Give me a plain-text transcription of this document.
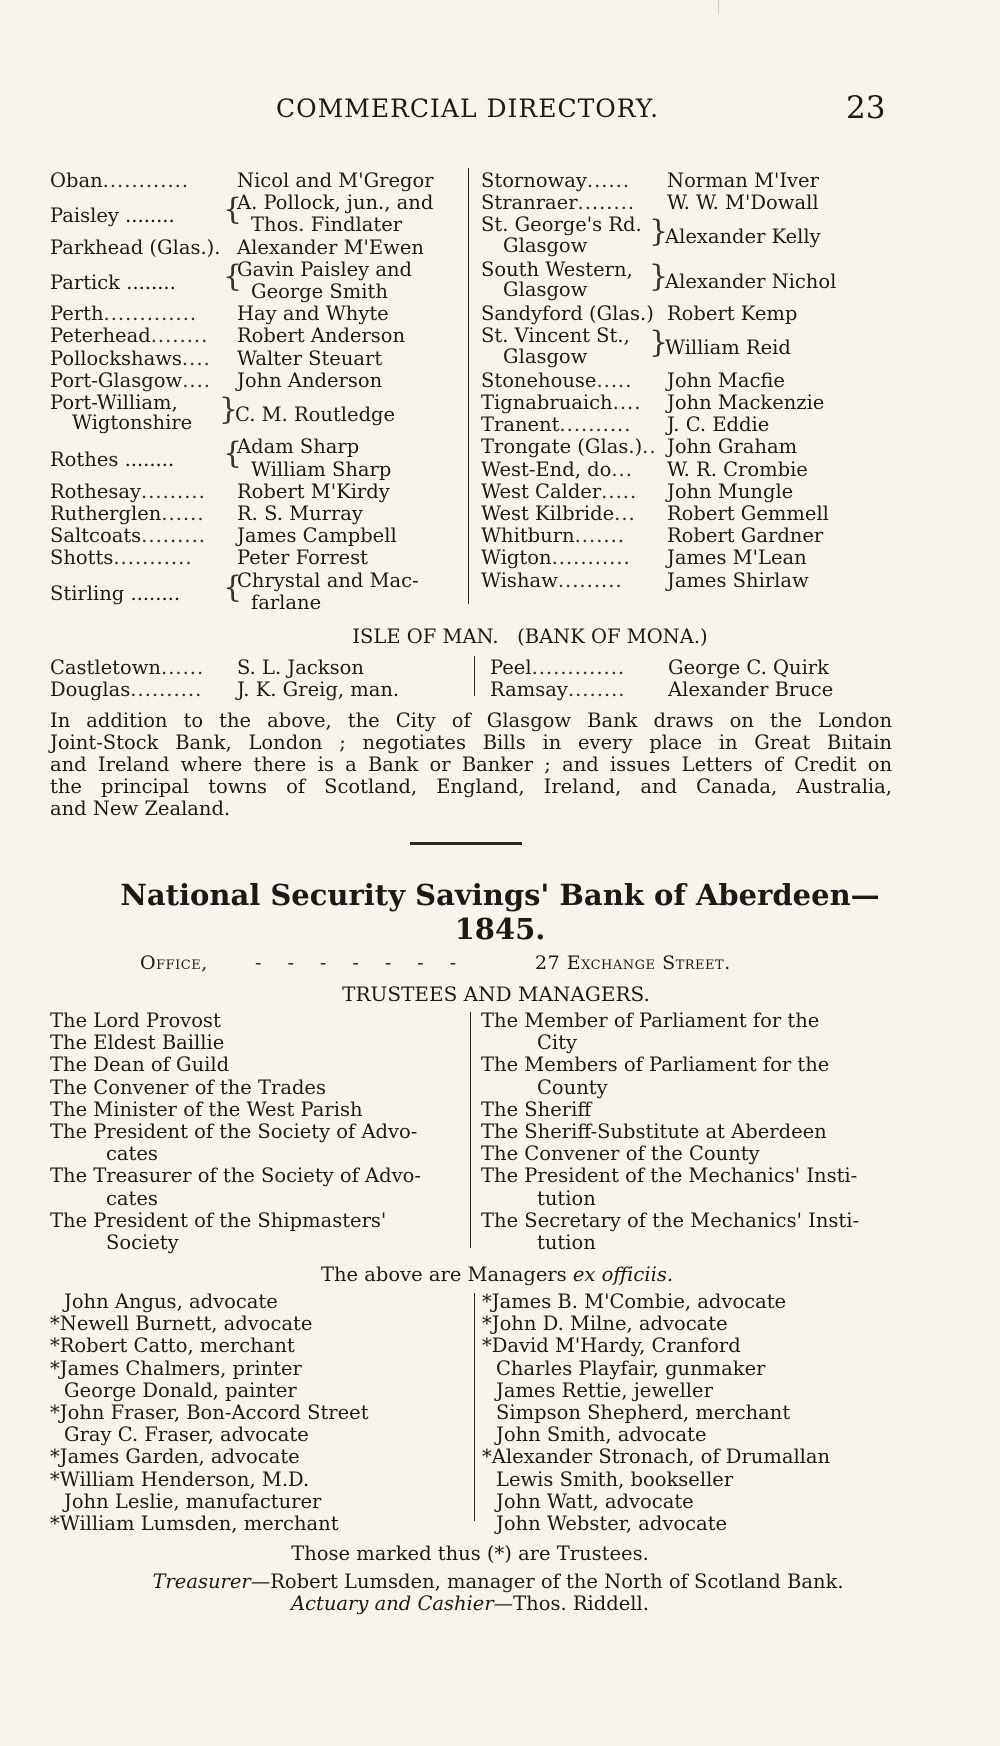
COMMERCIAL DIRECTORY.	23
Oban............ Nicol and M'Gregor
Paisley ........ {
A. Pollock, jun., and
Thos. Findlater
Parkhead (Glas.). Alexander M'Ewen
Partick ........ {
Gavin Paisley and
George Smith
Perth............. Hay and Whyte
Peterhead........ Robert Anderson
Pollockshaws.... Walter Steuart
Port-Glasgow.... John Anderson
Port-William,
Wigtonshire }
C. M. Routledge
Rothes ........ {
Adam Sharp
William Sharp
Rothesay......... Robert M'Kirdy
Rutherglen...... R. S. Murray
Saltcoats......... James Campbell
Shotts........... Peter Forrest
Stirling ........ {
Chrystal and Mac-
farlane
Stornoway...... Norman M'Iver
Stranraer........ W. W. M'Dowall
St. George's Rd.
Glasgow }
Alexander Kelly
South Western,
Glasgow }
Alexander Nichol
Sandyford (Glas.) Robert Kemp
St. Vincent St.,
Glasgow }
William Reid
Stonehouse..... John Macfie
Tignabruaich.... John Mackenzie
Tranent.......... J. C. Eddie
Trongate (Glas.).. John Graham
West-End, do... W. R. Crombie
West Calder..... John Mungle
West Kilbride... Robert Gemmell
Whitburn....... Robert Gardner
Wigton........... James M'Lean
Wishaw......... James Shirlaw
ISLE OF MAN.   (BANK OF MONA.)
Castletown...... S. L. Jackson
Douglas.......... J. K. Greig, man.
Peel............. George C. Quirk
Ramsay........ Alexander Bruce
In addition to the above, the City of Glasgow Bank draws on the London
Joint-Stock Bank, London ; negotiates Bills in every place in Great Bıitain
and Ireland where there is a Bank or Banker ; and issues Letters of Credit on
the principal towns of Scotland, England, Ireland, and Canada, Australia,
and New Zealand.
National Security Savings' Bank of Aberdeen—
1845.
Office, - - - - - - -	27 Exchange Street.
TRUSTEES AND MANAGERS.
The Lord Provost
The Eldest Baillie
The Dean of Guild
The Convener of the Trades
The Minister of the West Parish
The President of the Society of Advo-
cates
The Treasurer of the Society of Advo-
cates
The President of the Shipmasters'
Society
The Member of Parliament for the
City
The Members of Parliament for the
County
The Sheriff
The Sheriff-Substitute at Aberdeen
The Convener of the County
The President of the Mechanics' Insti-
tution
The Secretary of the Mechanics' Insti-
tution
The above are Managers ex officiis.
John Angus, advocate
*Newell Burnett, advocate
*Robert Catto, merchant
*James Chalmers, printer
George Donald, painter
*John Fraser, Bon-Accord Street
Gray C. Fraser, advocate
*James Garden, advocate
*William Henderson, M.D.
John Leslie, manufacturer
*William Lumsden, merchant
*James B. M'Combie, advocate
*John D. Milne, advocate
*David M'Hardy, Cranford
Charles Playfair, gunmaker
James Rettie, jeweller
Simpson Shepherd, merchant
John Smith, advocate
*Alexander Stronach, of Drumallan
Lewis Smith, bookseller
John Watt, advocate
John Webster, advocate
Those marked thus (*) are Trustees.
Treasurer—Robert Lumsden, manager of the North of Scotland Bank.
Actuary and Cashier—Thos. Riddell.
